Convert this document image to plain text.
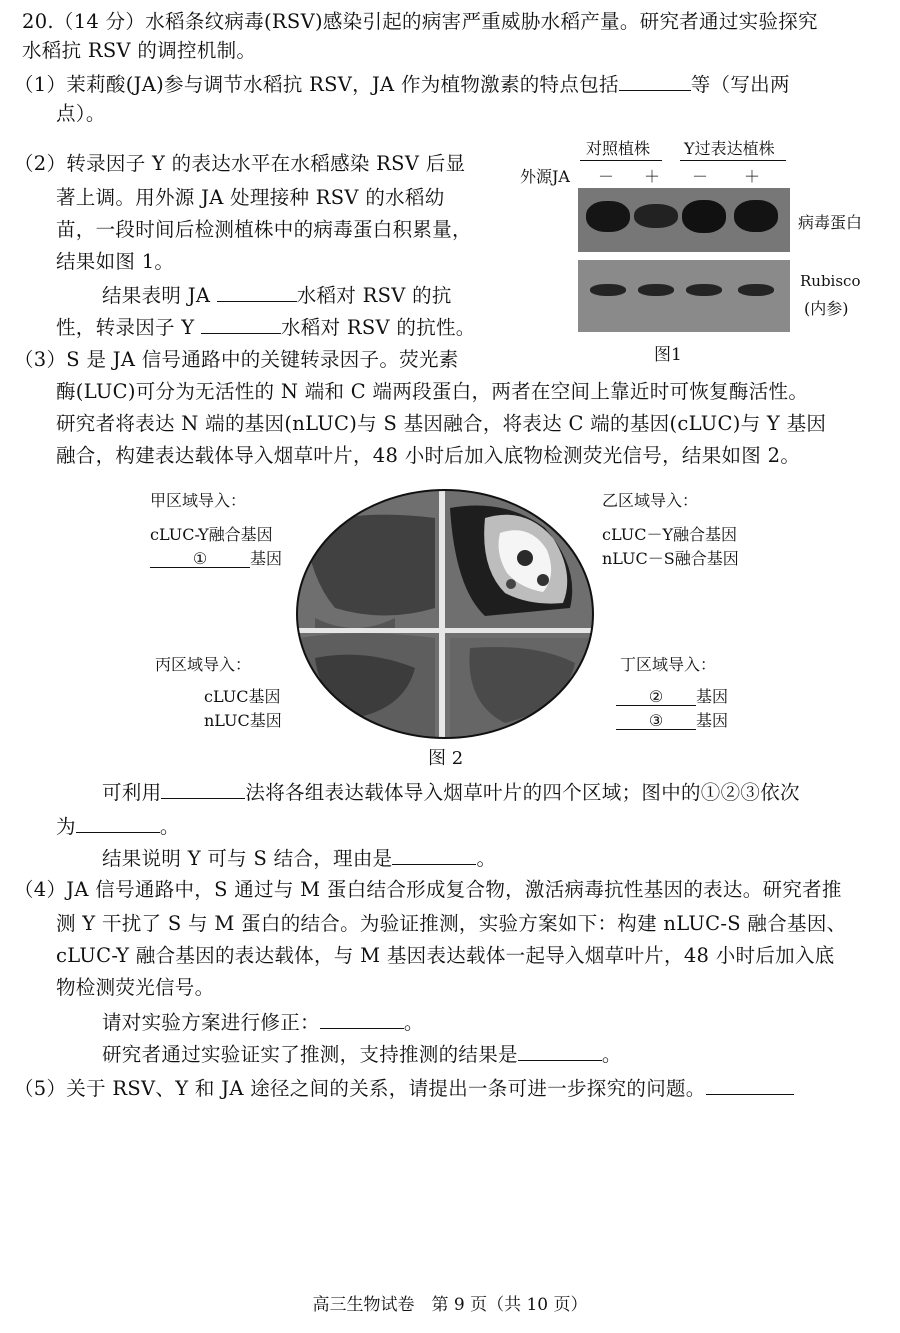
20.（14 分）水稻条纹病毒(RSV)感染引起的病害严重威胁水稻产量。研究者通过实验探究
水稻抗 RSV 的调控机制。
（1）茉莉酸(JA)参与调节水稻抗 RSV，JA 作为植物激素的特点包括	等（写出两
点）。
（2）转录因子 Y 的表达水平在水稻感染 RSV 后显
著上调。用外源 JA 处理接种 RSV 的水稻幼
苗，一段时间后检测植株中的病毒蛋白积累量，
结果如图 1。
结果表明 JA	水稻对 RSV 的抗
性，转录因子 Y	水稻对 RSV 的抗性。
对照植株 Y过表达植株
外源JA － ＋ － ＋
病毒蛋白
Rubisco
(内参)
图1
（3）S 是 JA 信号通路中的关键转录因子。荧光素
酶(LUC)可分为无活性的 N 端和 C 端两段蛋白，两者在空间上靠近时可恢复酶活性。
研究者将表达 N 端的基因(nLUC)与 S 基因融合，将表达 C 端的基因(cLUC)与 Y 基因
融合，构建表达载体导入烟草叶片，48 小时后加入底物检测荧光信号，结果如图 2。
甲区域导入：
cLUC-Y融合基因
①	基因
乙区域导入：
cLUC－Y融合基因
nLUC－S融合基因
丙区域导入：
cLUC基因
nLUC基因
丁区域导入：
② 基因
③ 基因
图 2
可利用	法将各组表达载体导入烟草叶片的四个区域；图中的①②③依次
为	。
结果说明 Y 可与 S 结合，理由是	。
（4）JA 信号通路中，S 通过与 M 蛋白结合形成复合物，激活病毒抗性基因的表达。研究者推
测 Y 干扰了 S 与 M 蛋白的结合。为验证推测，实验方案如下：构建 nLUC-S 融合基因、
cLUC-Y 融合基因的表达载体，与 M 基因表达载体一起导入烟草叶片，48 小时后加入底
物检测荧光信号。
请对实验方案进行修正：	。
研究者通过实验证实了推测，支持推测的结果是	。
（5）关于 RSV、Y 和 JA 途径之间的关系，请提出一条可进一步探究的问题。
高三生物试卷　第 9 页（共 10 页）
